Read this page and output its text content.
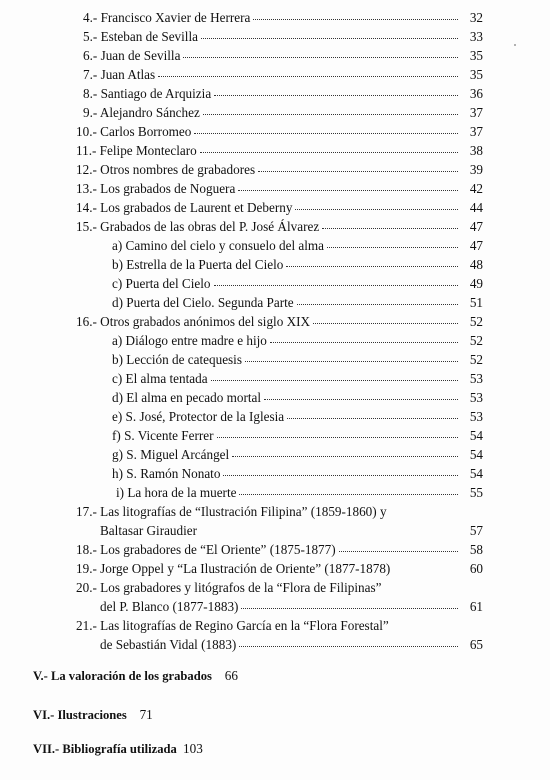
4.- Francisco Xavier de Herrera	32
5.- Esteban de Sevilla	33
6.- Juan de Sevilla	35
7.- Juan Atlas	35
8.- Santiago de Arquizia	36
9.- Alejandro Sánchez	37
10.- Carlos Borromeo	37
11.- Felipe Monteclaro	38
12.- Otros nombres de grabadores	39
13.- Los grabados de Noguera	42
14.- Los grabados de Laurent et Deberny	44
15.- Grabados de las obras del P. José Álvarez	47
a) Camino del cielo y consuelo del alma	47
b) Estrella de la Puerta del Cielo	48
c) Puerta del Cielo	49
d) Puerta del Cielo. Segunda Parte	51
16.- Otros grabados anónimos del siglo XIX	52
a) Diálogo entre madre e hijo	52
b) Lección de catequesis	52
c) El alma tentada	53
d) El alma en pecado mortal	53
e) S. José, Protector de la Iglesia	53
f) S. Vicente Ferrer	54
g) S. Miguel Arcángel	54
h) S. Ramón Nonato	54
i) La hora de la muerte	55
17.- Las litografías de “Ilustración Filipina” (1859-1860) y
Baltasar Giraudier	57
18.- Los grabadores de “El Oriente” (1875-1877)	58
19.- Jorge Oppel y “La Ilustración de Oriente” (1877-1878)	60
20.- Los grabadores y litógrafos de la “Flora de Filipinas”
del P. Blanco (1877-1883)	61
21.- Las litografías de Regino García en la “Flora Forestal”
de Sebastián Vidal (1883)	65
V.- La valoración de los grabados 66
VI.- Ilustraciones 71
VII.- Bibliografía utilizada 103
